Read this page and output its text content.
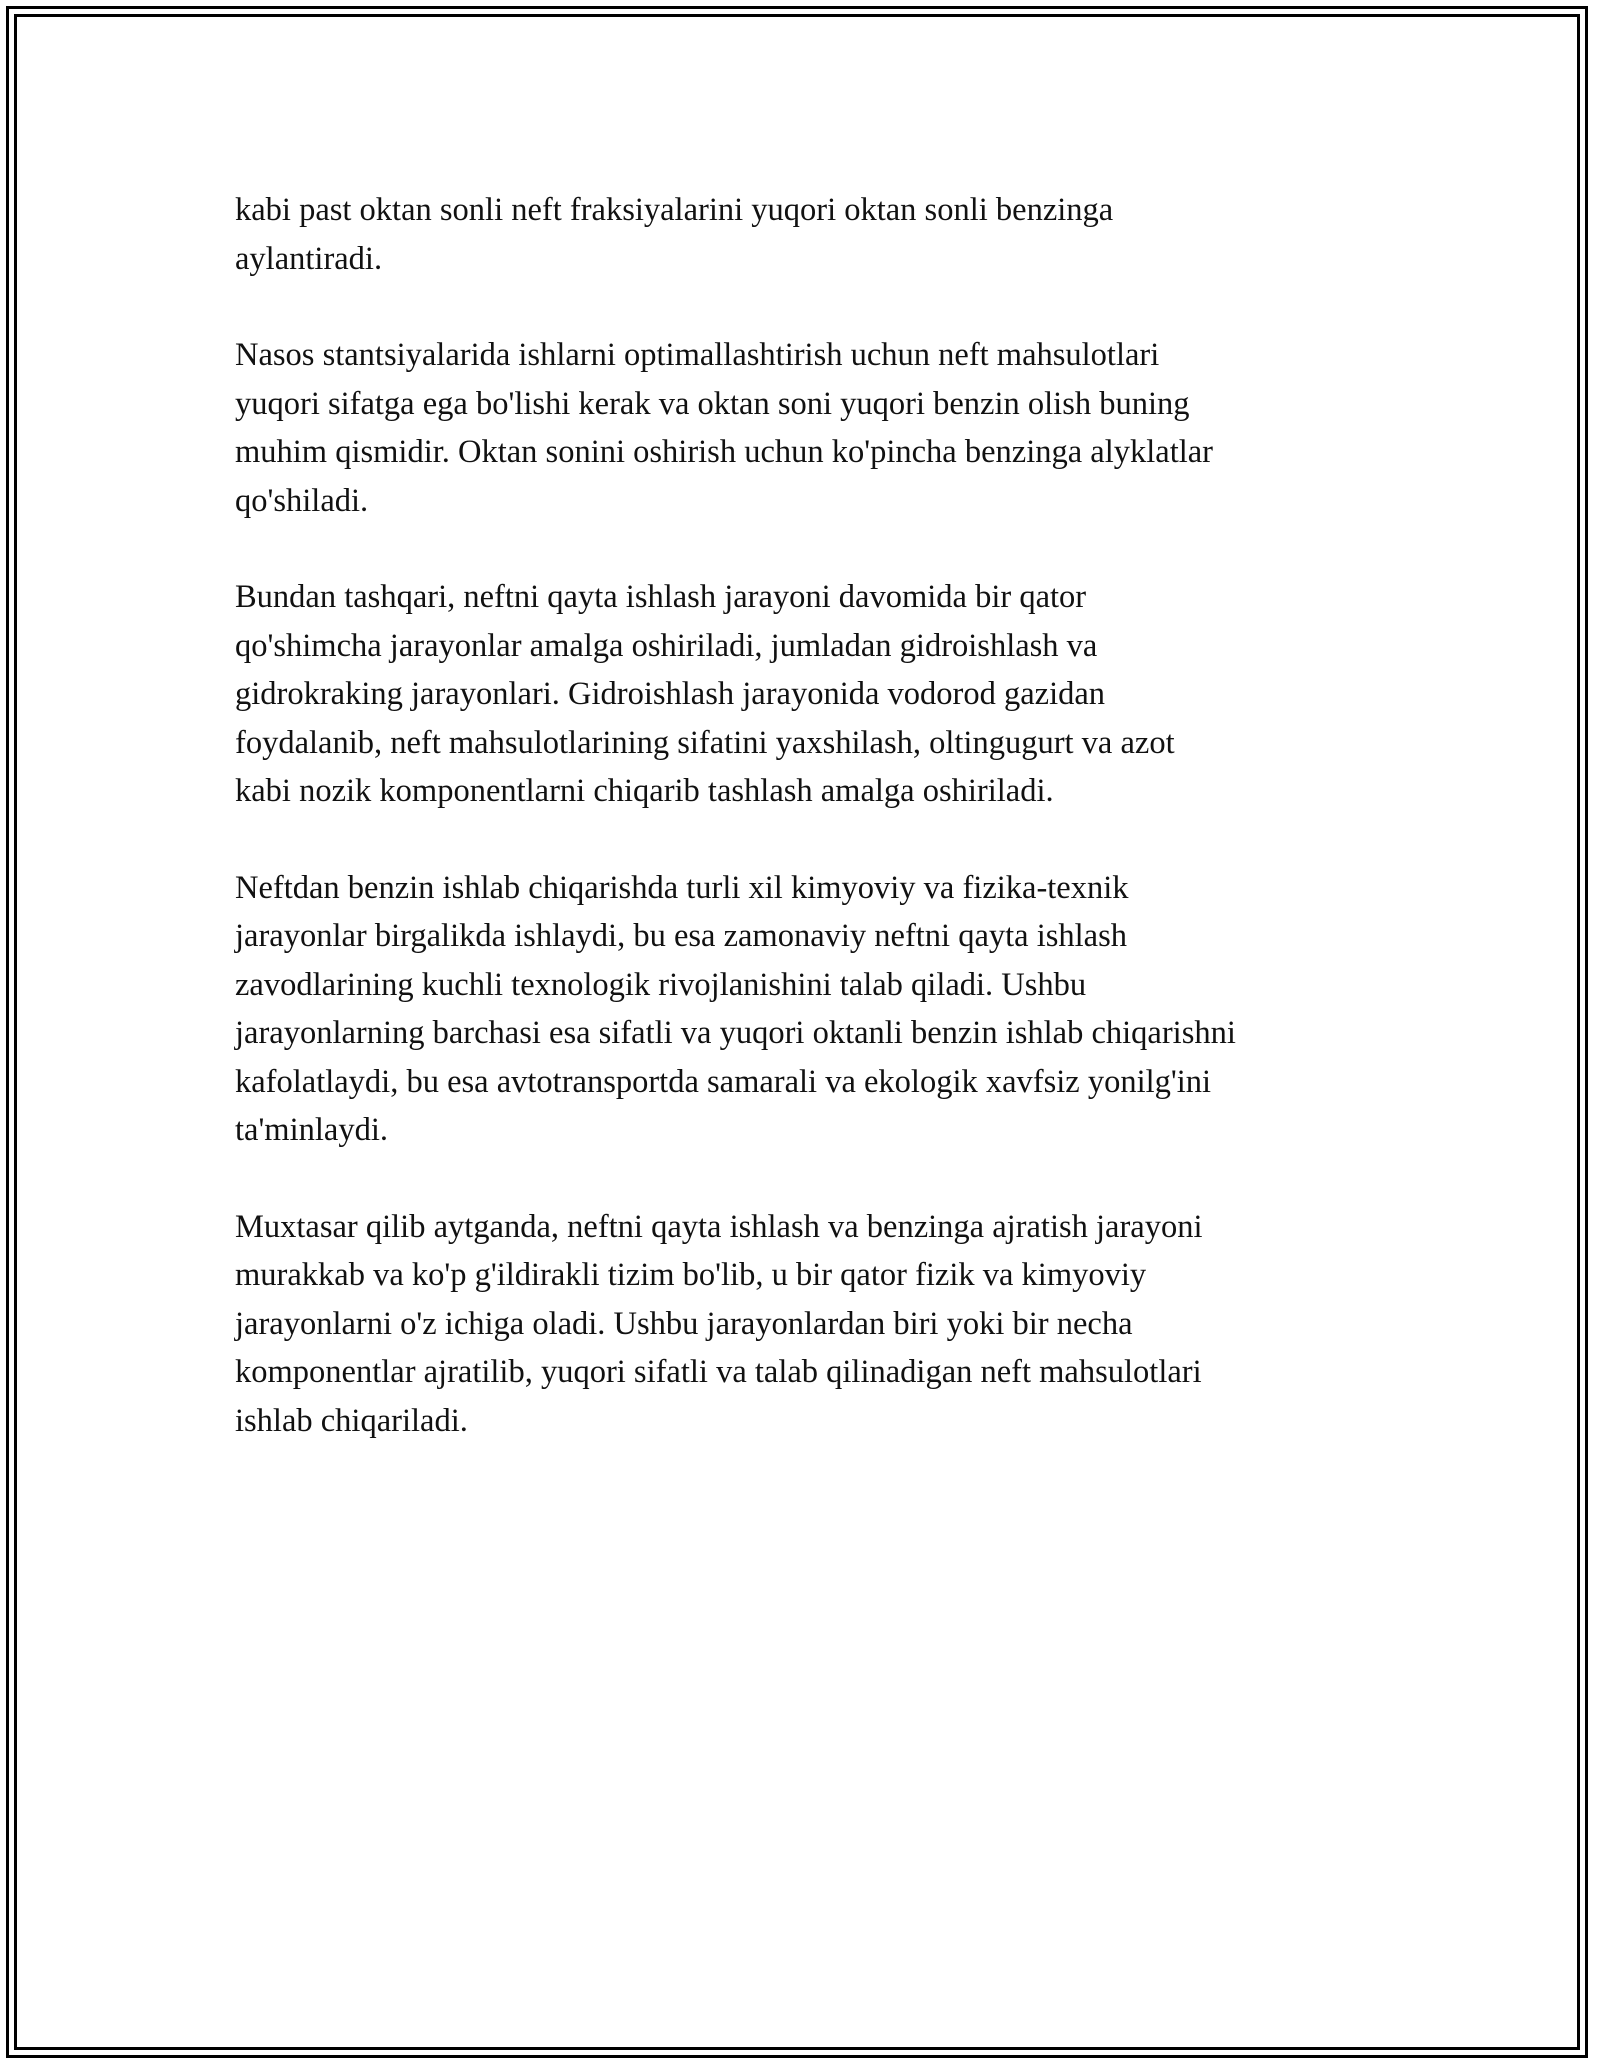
kabi past oktan sonli neft fraksiyalarini yuqori oktan sonli benzinga
aylantiradi.

Nasos stantsiyalarida ishlarni optimallashtirish uchun neft mahsulotlari
yuqori sifatga ega bo'lishi kerak va oktan soni yuqori benzin olish buning
muhim qismidir. Oktan sonini oshirish uchun ko'pincha benzinga alyklatlar
qo'shiladi.

Bundan tashqari, neftni qayta ishlash jarayoni davomida bir qator
qo'shimcha jarayonlar amalga oshiriladi, jumladan gidroishlash va
gidrokraking jarayonlari. Gidroishlash jarayonida vodorod gazidan
foydalanib, neft mahsulotlarining sifatini yaxshilash, oltingugurt va azot
kabi nozik komponentlarni chiqarib tashlash amalga oshiriladi.

Neftdan benzin ishlab chiqarishda turli xil kimyoviy va fizika-texnik
jarayonlar birgalikda ishlaydi, bu esa zamonaviy neftni qayta ishlash
zavodlarining kuchli texnologik rivojlanishini talab qiladi. Ushbu
jarayonlarning barchasi esa sifatli va yuqori oktanli benzin ishlab chiqarishni
kafolatlaydi, bu esa avtotransportda samarali va ekologik xavfsiz yonilg'ini
ta'minlaydi.

Muxtasar qilib aytganda, neftni qayta ishlash va benzinga ajratish jarayoni
murakkab va ko'p g'ildirakli tizim bo'lib, u bir qator fizik va kimyoviy
jarayonlarni o'z ichiga oladi. Ushbu jarayonlardan biri yoki bir necha
komponentlar ajratilib, yuqori sifatli va talab qilinadigan neft mahsulotlari
ishlab chiqariladi.
